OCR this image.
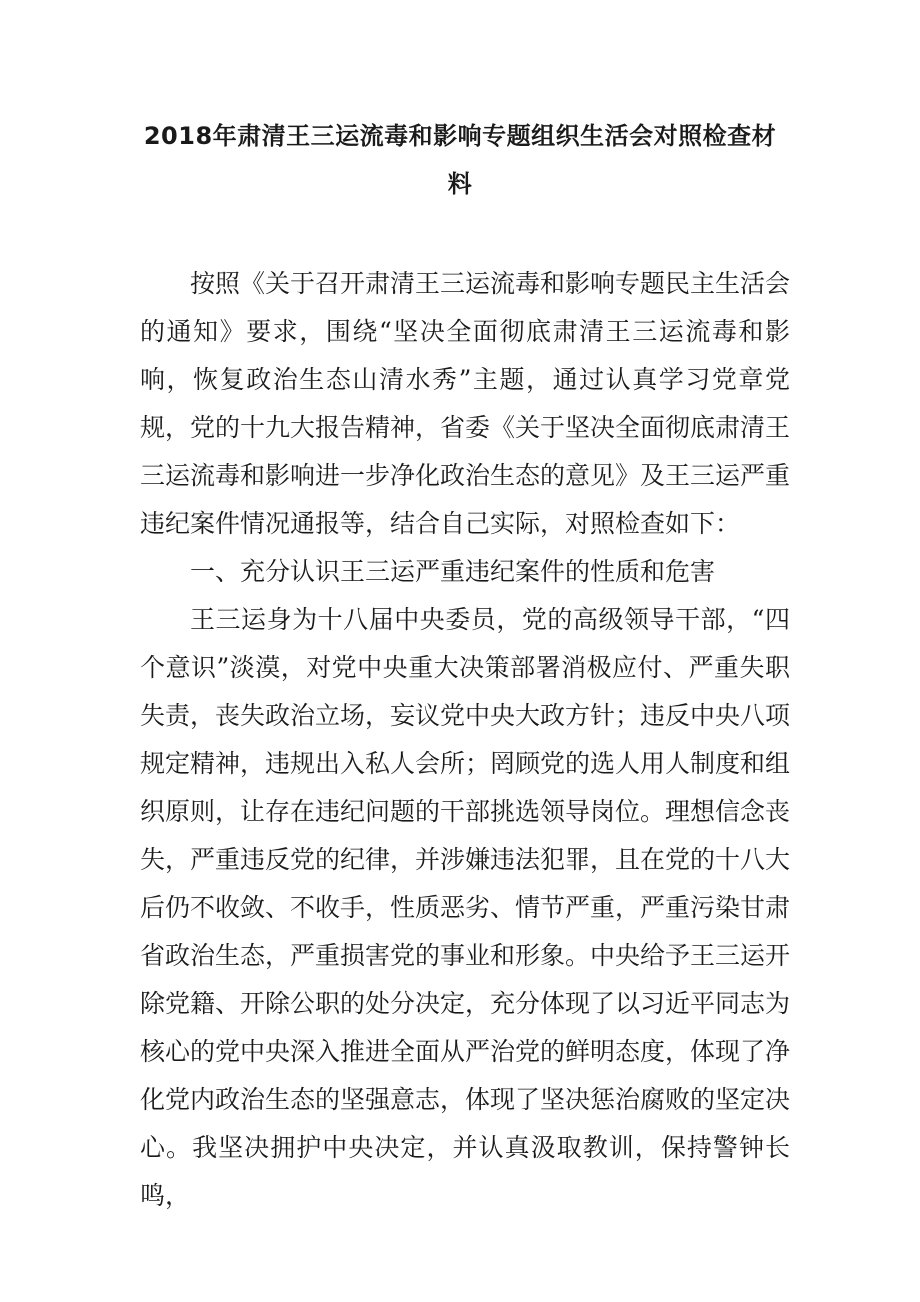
2018年肃清王三运流毒和影响专题组织生活会对照检查材料

按照《关于召开肃清王三运流毒和影响专题民主生活会的通知》要求，围绕“坚决全面彻底肃清王三运流毒和影响，恢复政治生态山清水秀”主题，通过认真学习党章党规，党的十九大报告精神，省委《关于坚决全面彻底肃清王三运流毒和影响进一步净化政治生态的意见》及王三运严重违纪案件情况通报等，结合自己实际，对照检查如下：

一、充分认识王三运严重违纪案件的性质和危害

王三运身为十八届中央委员，党的高级领导干部，“四个意识”淡漠，对党中央重大决策部署消极应付、严重失职失责，丧失政治立场，妄议党中央大政方针；违反中央八项规定精神，违规出入私人会所；罔顾党的选人用人制度和组织原则，让存在违纪问题的干部挑选领导岗位。理想信念丧失，严重违反党的纪律，并涉嫌违法犯罪，且在党的十八大后仍不收敛、不收手，性质恶劣、情节严重，严重污染甘肃省政治生态，严重损害党的事业和形象。中央给予王三运开除党籍、开除公职的处分决定，充分体现了以习近平同志为核心的党中央深入推进全面从严治党的鲜明态度，体现了净化党内政治生态的坚强意志，体现了坚决惩治腐败的坚定决心。我坚决拥护中央决定，并认真汲取教训，保持警钟长鸣，
